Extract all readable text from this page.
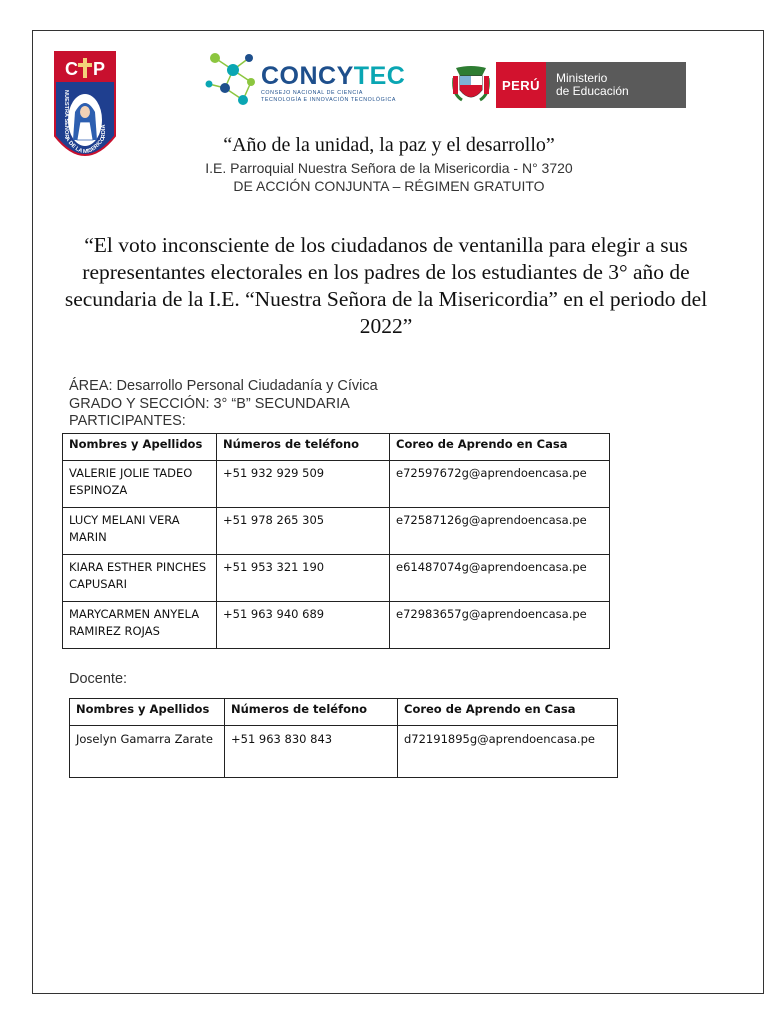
C P
NUESTRA SEÑORA DE LA MISERICORDIA
CONCYTEC
CONSEJO NACIONAL DE CIENCIA
TECNOLOGÍA E INNOVACIÓN TECNOLÓGICA
PERÚ	Ministerio
de Educación
“Año de la unidad, la paz y el desarrollo”
I.E. Parroquial Nuestra Señora de la Misericordia - N° 3720
DE ACCIÓN CONJUNTA – RÉGIMEN GRATUITO
“El voto inconsciente de los ciudadanos de ventanilla para elegir a sus representantes electorales en los padres de los estudiantes de 3° año de secundaria de la I.E. “Nuestra Señora de la Misericordia” en el periodo del 2022”
ÁREA: Desarrollo Personal Ciudadanía y Cívica
GRADO Y SECCIÓN: 3° “B” SECUNDARIA
PARTICIPANTES:
Nombres y Apellidos	Números de teléfono	Coreo de Aprendo en Casa
VALERIE JOLIE TADEO ESPINOZA	+51 932 929 509	e72597672g@aprendoencasa.pe
LUCY MELANI VERA MARIN	+51 978 265 305	e72587126g@aprendoencasa.pe
KIARA ESTHER PINCHES CAPUSARI	+51 953 321 190	e61487074g@aprendoencasa.pe
MARYCARMEN ANYELA RAMIREZ ROJAS	+51 963 940 689	e72983657g@aprendoencasa.pe
Docente:
Nombres y Apellidos	Números de teléfono	Coreo de Aprendo en Casa
Joselyn Gamarra Zarate	+51 963 830 843	d72191895g@aprendoencasa.pe
